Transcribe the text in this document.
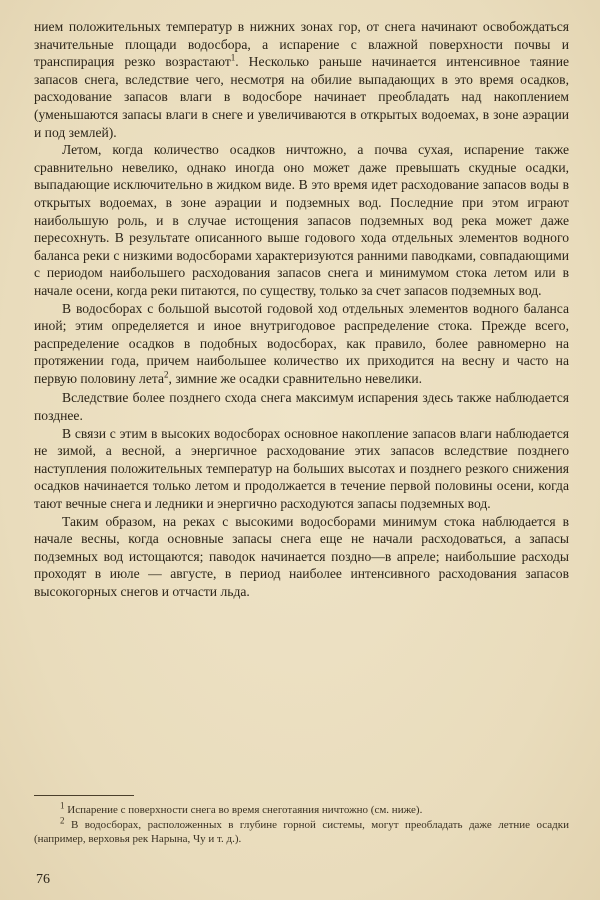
нием положительных температур в нижних зонах гор, от снега начинают освобождаться значительные площади водосбора, а испарение с влажной поверхности почвы и транспирация резко возрастают$^1$. Несколько раньше начинается интенсивное таяние запасов снега, вследствие чего, несмотря на обилие выпадающих в это время осадков, расходование запасов влаги в водосборе начинает преобладать над накоплением (уменьшаются запасы влаги в снеге и увеличиваются в открытых водоемах, в зоне аэрации и под землей).

Летом, когда количество осадков ничтожно, а почва сухая, испарение также сравнительно невелико, однако иногда оно может даже превышать скудные осадки, выпадающие исключительно в жидком виде. В это время идет расходование запасов воды в открытых водоемах, в зоне аэрации и подземных вод. Последние при этом играют наибольшую роль, и в случае истощения запасов подземных вод река может даже пересохнуть. В результате описанного выше годового хода отдельных элементов водного баланса реки с низкими водосборами характеризуются ранними паводками, совпадающими с периодом наибольшего расходования запасов снега и минимумом стока летом или в начале осени, когда реки питаются, по существу, только за счет запасов подземных вод.

В водосборах с большой высотой годовой ход отдельных элементов водного баланса иной; этим определяется и иное внутригодовое распределение стока. Прежде всего, распределение осадков в подобных водосборах, как правило, более равномерно на протяжении года, причем наибольшее количество их приходится на весну и часто на первую половину лета$^2$, зимние же осадки сравнительно невелики.

Вследствие более позднего схода снега максимум испарения здесь также наблюдается позднее.

В связи с этим в высоких водосборах основное накопление запасов влаги наблюдается не зимой, а весной, а энергичное расходование этих запасов вследствие позднего наступления положительных температур на больших высотах и позднего резкого снижения осадков начинается только летом и продолжается в течение первой половины осени, когда тают вечные снега и ледники и энергично расходуются запасы подземных вод.

Таким образом, на реках с высокими водосборами минимум стока наблюдается в начале весны, когда основные запасы снега еще не начали расходоваться, а запасы подземных вод истощаются; паводок начинается поздно—в апреле; наибольшие расходы проходят в июле — августе, в период наиболее интенсивного расходования запасов высокогорных снегов и отчасти льда.

$^1$ Испарение с поверхности снега во время снеготаяния ничтожно (см. ниже).

$^2$ В водосборах, расположенных в глубине горной системы, могут преобладать даже летние осадки (например, верховья рек Нарына, Чу и т. д.).

76
